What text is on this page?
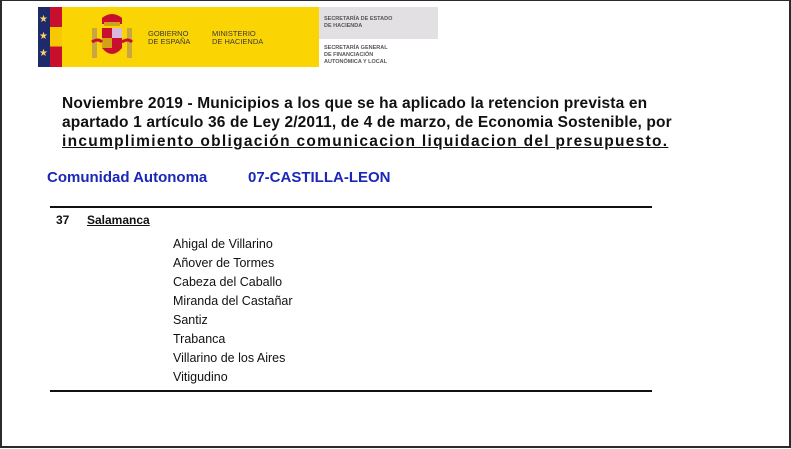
★
★
★
GOBIERNO
DE ESPAÑA
MINISTERIO
DE HACIENDA
SECRETARÍA DE ESTADO
DE HACIENDA
SECRETARÍA GENERAL
DE FINANCIACIÓN
AUTONÓMICA Y LOCAL
Noviembre 2019 - Municipios a los que se ha aplicado la retencion prevista en
apartado 1 artículo 36 de Ley 2/2011, de 4 de marzo, de Economia Sostenible, por
incumplimiento obligación comunicacion liquidacion del presupuesto.
Comunidad Autonoma	07-CASTILLA-LEON
37 Salamanca
Ahigal de Villarino
Añover de Tormes
Cabeza del Caballo
Miranda del Castañar
Santiz
Trabanca
Villarino de los Aires
Vitigudino
